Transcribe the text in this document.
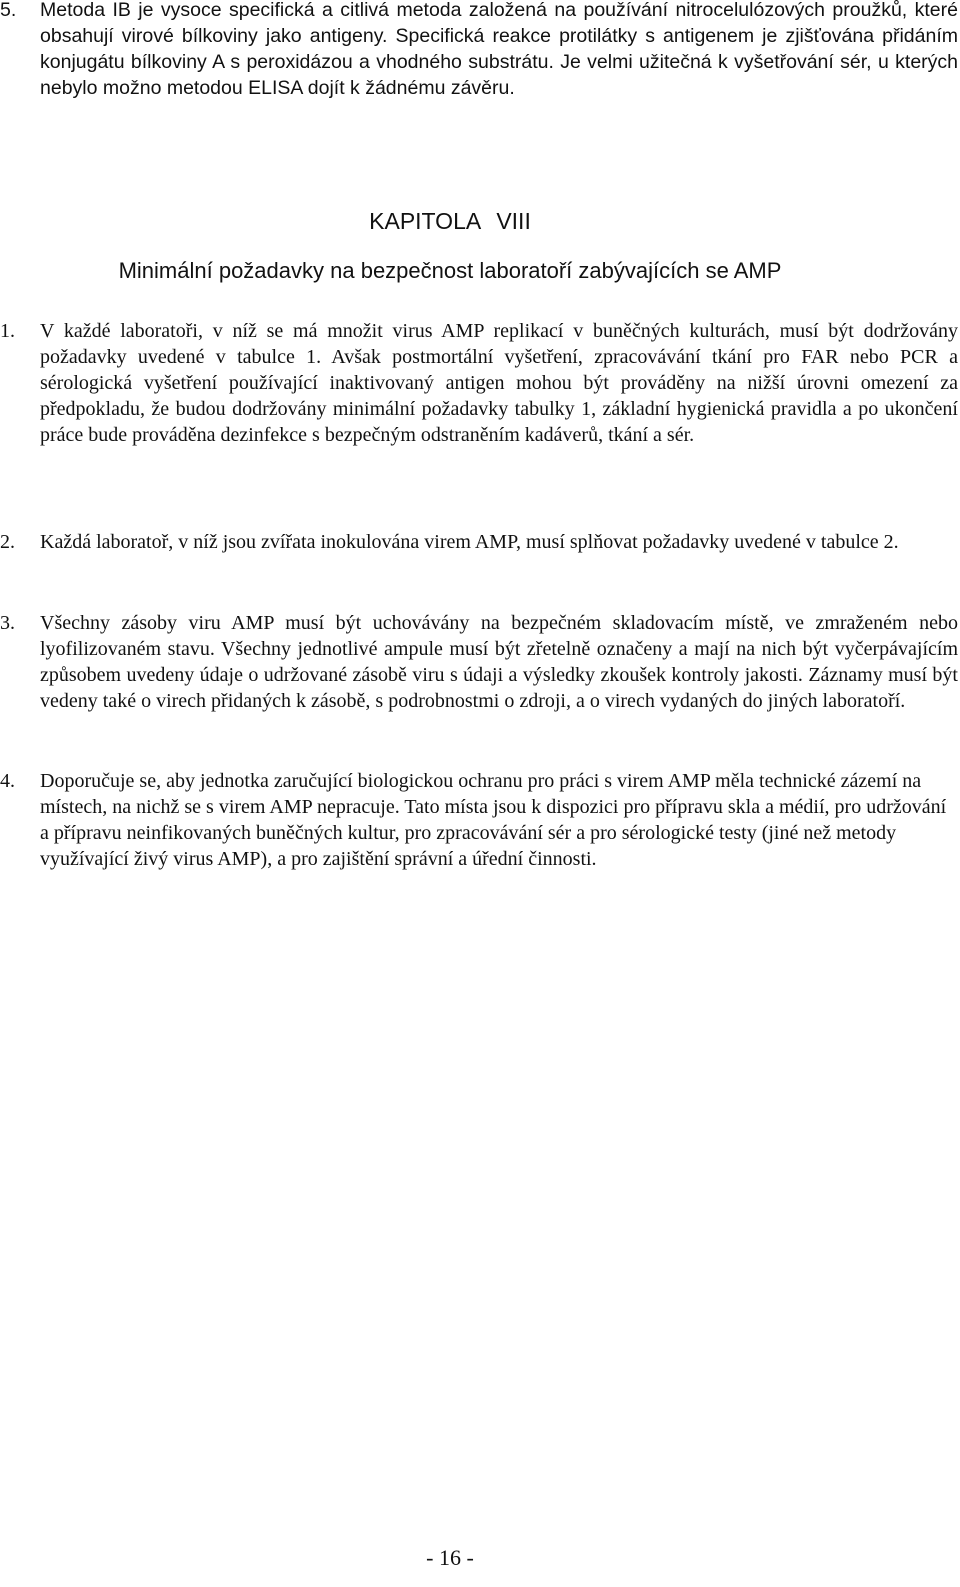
5.	Metoda IB je vysoce specifická a citlivá metoda založená na používání nitrocelulózových proužků, které obsahují virové bílkoviny jako antigeny. Specifická reakce protilátky s antigenem je zjišťována přidáním konjugátu bílkoviny A s peroxidázou a vhodného substrátu. Je velmi užitečná k vyšetřování sér, u kterých nebylo možno metodou ELISA dojít k žádnému závěru.
KAPITOLA VIII
Minimální požadavky na bezpečnost laboratoří zabývajících se AMP
1.	V každé laboratoři, v níž se má množit virus AMP replikací v buněčných kulturách, musí být dodržovány požadavky uvedené v tabulce 1. Avšak postmortální vyšetření, zpracovávání tkání pro FAR nebo PCR a sérologická vyšetření používající inaktivovaný antigen mohou být prováděny na nižší úrovni omezení za předpokladu, že budou dodržovány minimální požadavky tabulky 1, základní hygienická pravidla a po ukončení práce bude prováděna dezinfekce s bezpečným odstraněním kadáverů, tkání a sér.
2.	Každá laboratoř, v níž jsou zvířata inokulována virem AMP, musí splňovat požadavky uvedené v tabulce 2.
3.	Všechny zásoby viru AMP musí být uchovávány na bezpečném skladovacím místě, ve zmraženém nebo lyofilizovaném stavu. Všechny jednotlivé ampule musí být zřetelně označeny a mají na nich být vyčerpávajícím způsobem uvedeny údaje o udržované zásobě viru s údaji a výsledky zkoušek kontroly jakosti. Záznamy musí být vedeny také o virech přidaných k zásobě, s podrobnostmi o zdroji, a o virech vydaných do jiných laboratoří.
4.	Doporučuje se, aby jednotka zaručující biologickou ochranu pro práci s virem AMP měla technické zázemí na místech, na nichž se s virem AMP nepracuje. Tato místa jsou k dispozici pro přípravu skla a médií, pro udržování a přípravu neinfikovaných buněčných kultur, pro zpracovávání sér a pro sérologické testy (jiné než metody využívající živý virus AMP), a pro zajištění správní a úřední činnosti.
- 16 -
